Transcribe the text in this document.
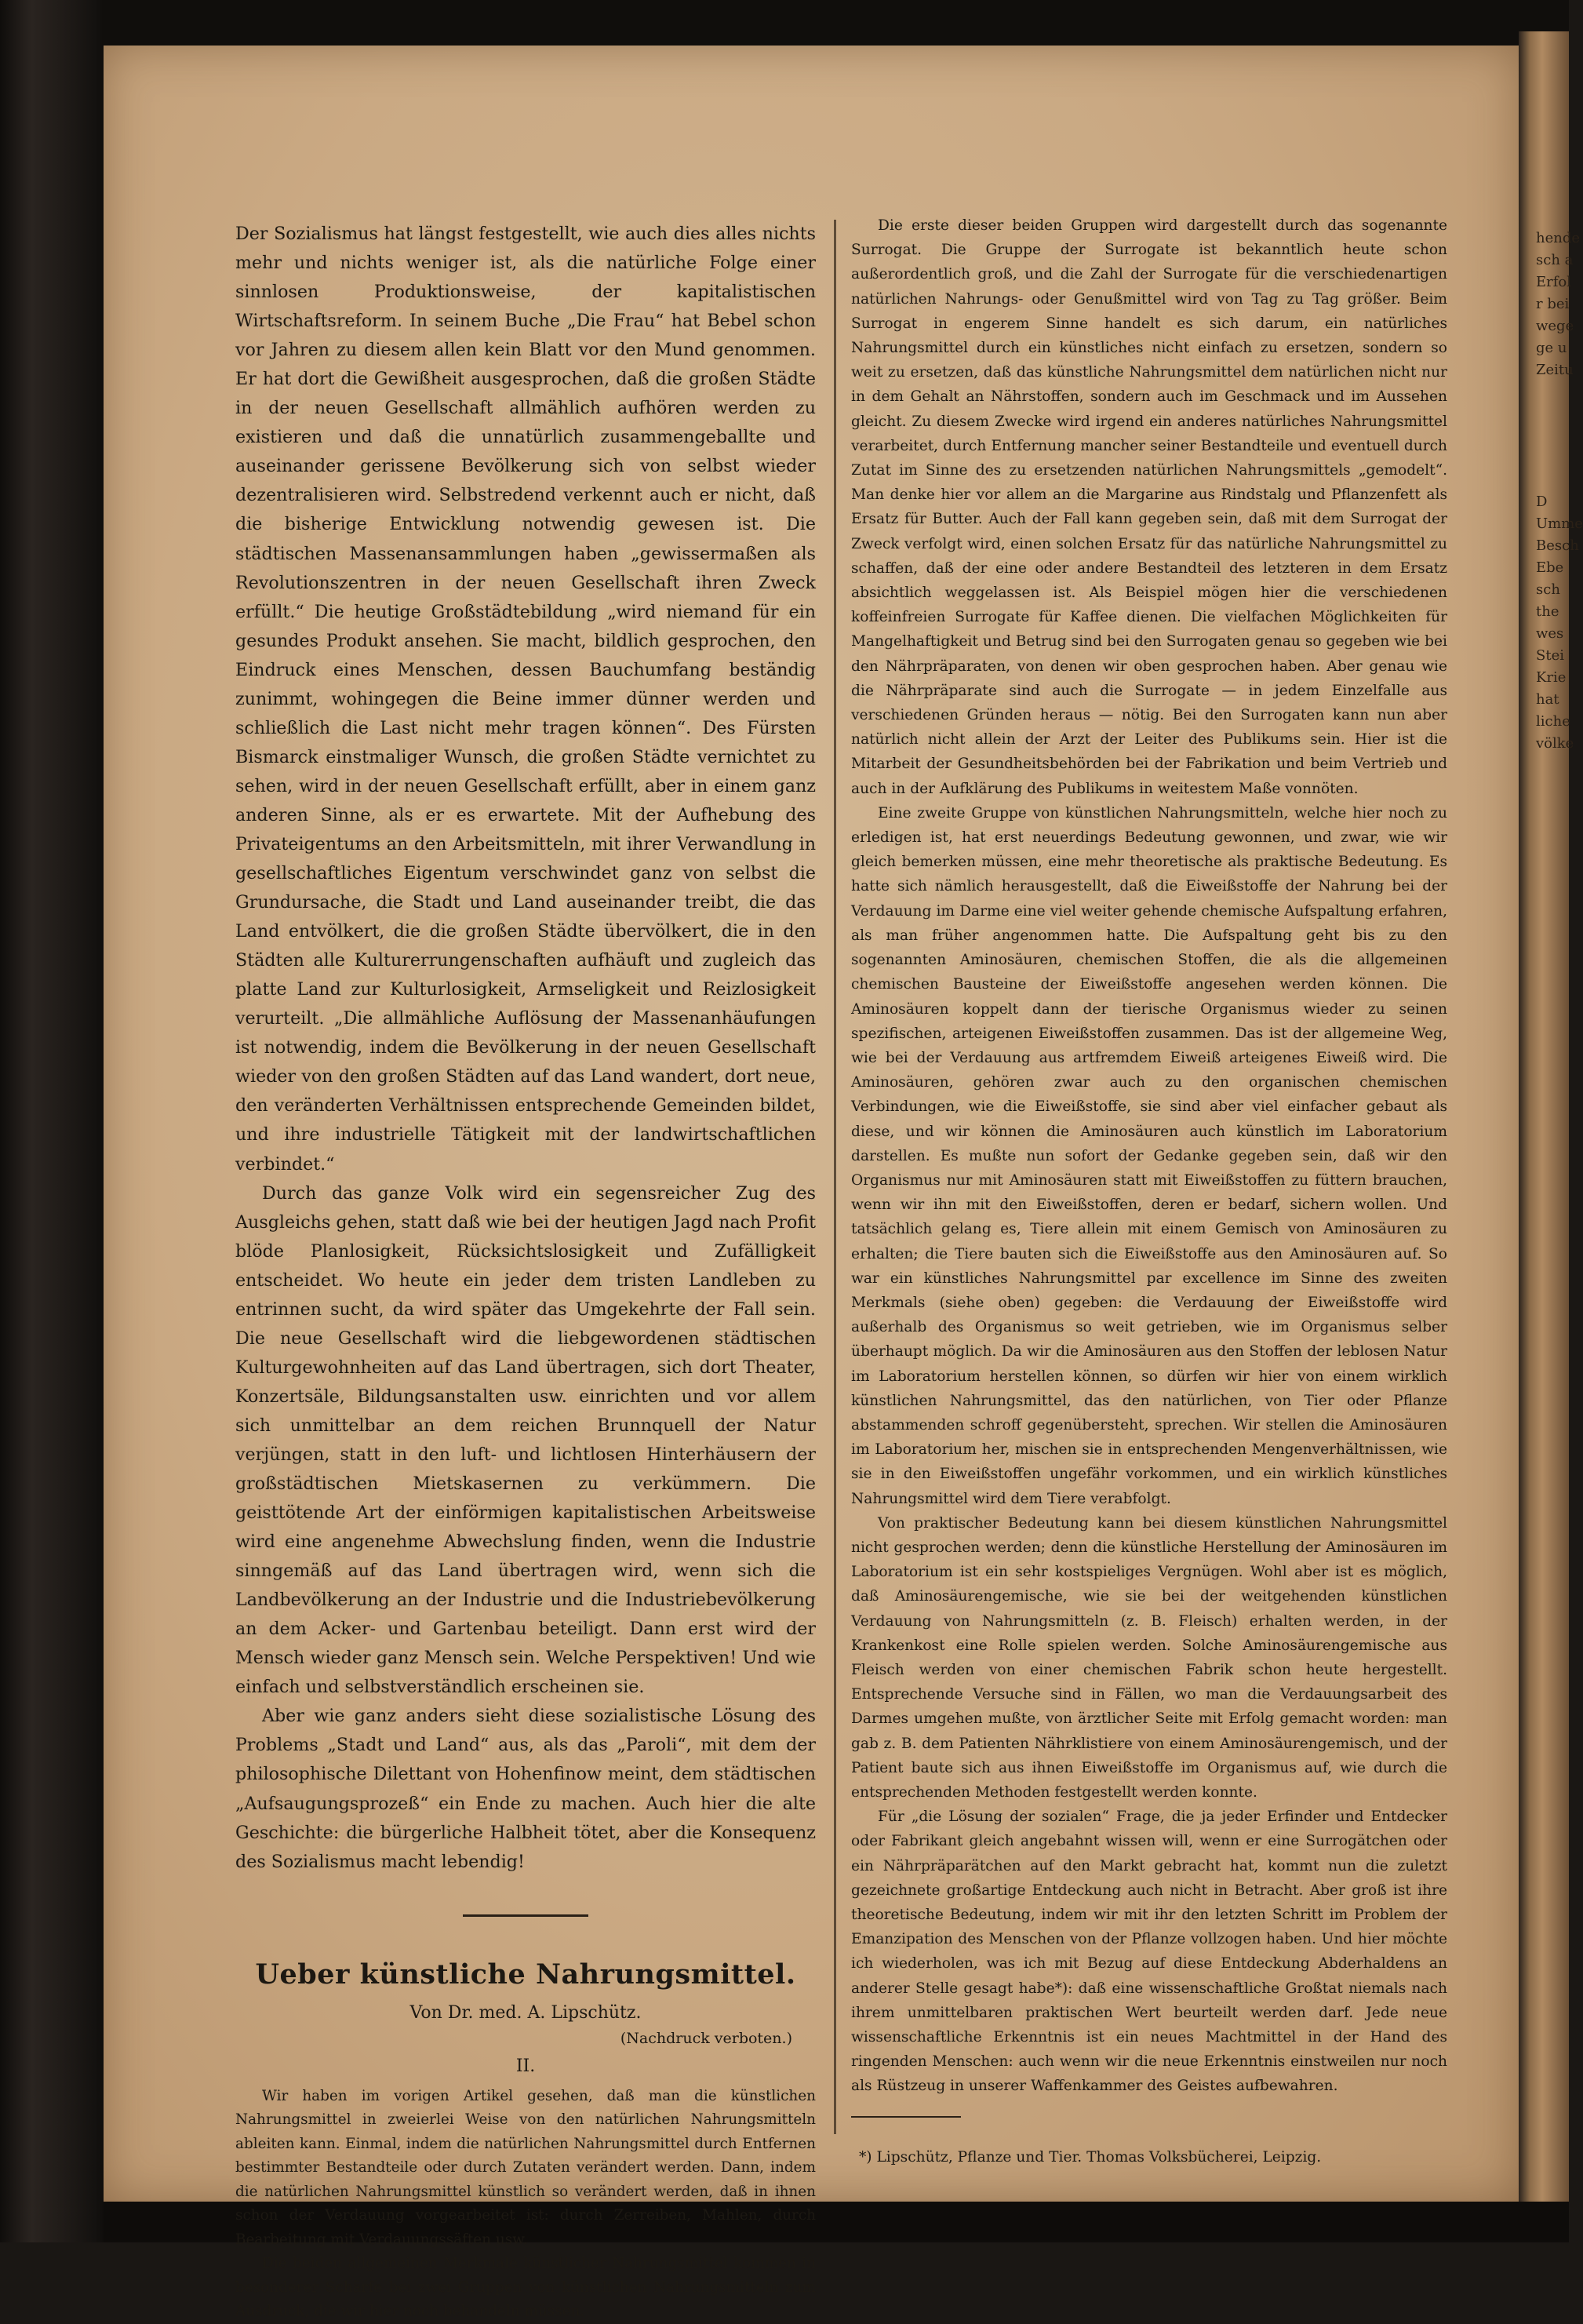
hende
sch a
Erfol
r bei
wege
ge u
Zeitu

D
Umme
Besch
Ebe
sch
the
wes
Stei
Krie
hat
liche
völke

Der Sozialismus hat längst festgestellt, wie auch dies alles nichts mehr und nichts weniger ist, als die natürliche Folge einer sinnlosen Produktionsweise, der kapitalistischen Wirtschaftsreform. In seinem Buche „Die Frau“ hat Bebel schon vor Jahren zu diesem allen kein Blatt vor den Mund genommen. Er hat dort die Gewißheit ausgesprochen, daß die großen Städte in der neuen Gesellschaft allmählich aufhören werden zu existieren und daß die unnatürlich zusammengeballte und auseinander gerissene Bevölkerung sich von selbst wieder dezentralisieren wird. Selbstredend verkennt auch er nicht, daß die bisherige Entwicklung notwendig gewesen ist. Die städtischen Massenansammlungen haben „gewissermaßen als Revolutionszentren in der neuen Gesellschaft ihren Zweck erfüllt.“ Die heutige Großstädtebildung „wird niemand für ein gesundes Produkt ansehen. Sie macht, bildlich gesprochen, den Eindruck eines Menschen, dessen Bauchumfang beständig zunimmt, wohingegen die Beine immer dünner werden und schließlich die Last nicht mehr tragen können“. Des Fürsten Bismarck einstmaliger Wunsch, die großen Städte vernichtet zu sehen, wird in der neuen Gesellschaft erfüllt, aber in einem ganz anderen Sinne, als er es erwartete. Mit der Aufhebung des Privateigentums an den Arbeitsmitteln, mit ihrer Verwandlung in gesellschaftliches Eigentum verschwindet ganz von selbst die Grundursache, die Stadt und Land auseinander treibt, die das Land entvölkert, die die großen Städte übervölkert, die in den Städten alle Kulturerrungenschaften aufhäuft und zugleich das platte Land zur Kulturlosigkeit, Armseligkeit und Reizlosigkeit verurteilt. „Die allmähliche Auflösung der Massenanhäufungen ist notwendig, indem die Bevölkerung in der neuen Gesellschaft wieder von den großen Städten auf das Land wandert, dort neue, den veränderten Verhältnissen entsprechende Gemeinden bildet, und ihre industrielle Tätigkeit mit der landwirtschaftlichen verbindet.“

Durch das ganze Volk wird ein segensreicher Zug des Ausgleichs gehen, statt daß wie bei der heutigen Jagd nach Profit blöde Planlosigkeit, Rücksichtslosigkeit und Zufälligkeit entscheidet. Wo heute ein jeder dem tristen Landleben zu entrinnen sucht, da wird später das Umgekehrte der Fall sein. Die neue Gesellschaft wird die liebgewordenen städtischen Kulturgewohnheiten auf das Land übertragen, sich dort Theater, Konzertsäle, Bildungsanstalten usw. einrichten und vor allem sich unmittelbar an dem reichen Brunnquell der Natur verjüngen, statt in den luft- und lichtlosen Hinterhäusern der großstädtischen Mietskasernen zu verkümmern. Die geisttötende Art der einförmigen kapitalistischen Arbeitsweise wird eine angenehme Abwechslung finden, wenn die Industrie sinngemäß auf das Land übertragen wird, wenn sich die Landbevölkerung an der Industrie und die Industriebevölkerung an dem Acker- und Gartenbau beteiligt. Dann erst wird der Mensch wieder ganz Mensch sein. Welche Perspektiven! Und wie einfach und selbstverständlich erscheinen sie.

Aber wie ganz anders sieht diese sozialistische Lösung des Problems „Stadt und Land“ aus, als das „Paroli“, mit dem der philosophische Dilettant von Hohenfinow meint, dem städtischen „Aufsaugungsprozeß“ ein Ende zu machen. Auch hier die alte Geschichte: die bürgerliche Halbheit tötet, aber die Konsequenz des Sozialismus macht lebendig!

Ueber künstliche Nahrungsmittel.
Von Dr. med. A. Lipschütz.
(Nachdruck verboten.)
II.

Wir haben im vorigen Artikel gesehen, daß man die künstlichen Nahrungsmittel in zweierlei Weise von den natürlichen Nahrungsmitteln ableiten kann. Einmal, indem die natürlichen Nahrungsmittel durch Entfernen bestimmter Bestandteile oder durch Zutaten verändert werden. Dann, indem die natürlichen Nahrungsmittel künstlich so verändert werden, daß in ihnen schon der Verdauung vorgearbeitet ist: durch Zerreiben, Mahlen, durch Bearbeitung mit Verdauungssäften usw.

Die beiden allgemeinen Merkmale künstlicher Nahrungsmittel kommen in besonderer Schärfe bei zwei Gruppen von künstlichen Nahrungsmitteln zum Ausdruck, die wir hier noch behandeln müssen.

Die erste dieser beiden Gruppen wird dargestellt durch das sogenannte Surrogat. Die Gruppe der Surrogate ist bekanntlich heute schon außerordentlich groß, und die Zahl der Surrogate für die verschiedenartigen natürlichen Nahrungs- oder Genußmittel wird von Tag zu Tag größer. Beim Surrogat in engerem Sinne handelt es sich darum, ein natürliches Nahrungsmittel durch ein künstliches nicht einfach zu ersetzen, sondern so weit zu ersetzen, daß das künstliche Nahrungsmittel dem natürlichen nicht nur in dem Gehalt an Nährstoffen, sondern auch im Geschmack und im Aussehen gleicht. Zu diesem Zwecke wird irgend ein anderes natürliches Nahrungsmittel verarbeitet, durch Entfernung mancher seiner Bestandteile und eventuell durch Zutat im Sinne des zu ersetzenden natürlichen Nahrungsmittels „gemodelt“. Man denke hier vor allem an die Margarine aus Rindstalg und Pflanzenfett als Ersatz für Butter. Auch der Fall kann gegeben sein, daß mit dem Surrogat der Zweck verfolgt wird, einen solchen Ersatz für das natürliche Nahrungsmittel zu schaffen, daß der eine oder andere Bestandteil des letzteren in dem Ersatz absichtlich weggelassen ist. Als Beispiel mögen hier die verschiedenen koffeinfreien Surrogate für Kaffee dienen. Die vielfachen Möglichkeiten für Mangelhaftigkeit und Betrug sind bei den Surrogaten genau so gegeben wie bei den Nährpräparaten, von denen wir oben gesprochen haben. Aber genau wie die Nährpräparate sind auch die Surrogate — in jedem Einzelfalle aus verschiedenen Gründen heraus — nötig. Bei den Surrogaten kann nun aber natürlich nicht allein der Arzt der Leiter des Publikums sein. Hier ist die Mitarbeit der Gesundheitsbehörden bei der Fabrikation und beim Vertrieb und auch in der Aufklärung des Publikums in weitestem Maße vonnöten.

Eine zweite Gruppe von künstlichen Nahrungsmitteln, welche hier noch zu erledigen ist, hat erst neuerdings Bedeutung gewonnen, und zwar, wie wir gleich bemerken müssen, eine mehr theoretische als praktische Bedeutung. Es hatte sich nämlich herausgestellt, daß die Eiweißstoffe der Nahrung bei der Verdauung im Darme eine viel weiter gehende chemische Aufspaltung erfahren, als man früher angenommen hatte. Die Aufspaltung geht bis zu den sogenannten Aminosäuren, chemischen Stoffen, die als die allgemeinen chemischen Bausteine der Eiweißstoffe angesehen werden können. Die Aminosäuren koppelt dann der tierische Organismus wieder zu seinen spezifischen, arteigenen Eiweißstoffen zusammen. Das ist der allgemeine Weg, wie bei der Verdauung aus artfremdem Eiweiß arteigenes Eiweiß wird. Die Aminosäuren, gehören zwar auch zu den organischen chemischen Verbindungen, wie die Eiweißstoffe, sie sind aber viel einfacher gebaut als diese, und wir können die Aminosäuren auch künstlich im Laboratorium darstellen. Es mußte nun sofort der Gedanke gegeben sein, daß wir den Organismus nur mit Aminosäuren statt mit Eiweißstoffen zu füttern brauchen, wenn wir ihn mit den Eiweißstoffen, deren er bedarf, sichern wollen. Und tatsächlich gelang es, Tiere allein mit einem Gemisch von Aminosäuren zu erhalten; die Tiere bauten sich die Eiweißstoffe aus den Aminosäuren auf. So war ein künstliches Nahrungsmittel par excellence im Sinne des zweiten Merkmals (siehe oben) gegeben: die Verdauung der Eiweißstoffe wird außerhalb des Organismus so weit getrieben, wie im Organismus selber überhaupt möglich. Da wir die Aminosäuren aus den Stoffen der leblosen Natur im Laboratorium herstellen können, so dürfen wir hier von einem wirklich künstlichen Nahrungsmittel, das den natürlichen, von Tier oder Pflanze abstammenden schroff gegenübersteht, sprechen. Wir stellen die Aminosäuren im Laboratorium her, mischen sie in entsprechenden Mengenverhältnissen, wie sie in den Eiweißstoffen ungefähr vorkommen, und ein wirklich künstliches Nahrungsmittel wird dem Tiere verabfolgt.

Von praktischer Bedeutung kann bei diesem künstlichen Nahrungsmittel nicht gesprochen werden; denn die künstliche Herstellung der Aminosäuren im Laboratorium ist ein sehr kostspieliges Vergnügen. Wohl aber ist es möglich, daß Aminosäurengemische, wie sie bei der weitgehenden künstlichen Verdauung von Nahrungsmitteln (z. B. Fleisch) erhalten werden, in der Krankenkost eine Rolle spielen werden. Solche Aminosäurengemische aus Fleisch werden von einer chemischen Fabrik schon heute hergestellt. Entsprechende Versuche sind in Fällen, wo man die Verdauungsarbeit des Darmes umgehen mußte, von ärztlicher Seite mit Erfolg gemacht worden: man gab z. B. dem Patienten Nährklistiere von einem Aminosäurengemisch, und der Patient baute sich aus ihnen Eiweißstoffe im Organismus auf, wie durch die entsprechenden Methoden festgestellt werden konnte.

Für „die Lösung der sozialen“ Frage, die ja jeder Erfinder und Entdecker oder Fabrikant gleich angebahnt wissen will, wenn er eine Surrogätchen oder ein Nährpräparätchen auf den Markt gebracht hat, kommt nun die zuletzt gezeichnete großartige Entdeckung auch nicht in Betracht. Aber groß ist ihre theoretische Bedeutung, indem wir mit ihr den letzten Schritt im Problem der Emanzipation des Menschen von der Pflanze vollzogen haben. Und hier möchte ich wiederholen, was ich mit Bezug auf diese Entdeckung Abderhaldens an anderer Stelle gesagt habe*): daß eine wissenschaftliche Großtat niemals nach ihrem unmittelbaren praktischen Wert beurteilt werden darf. Jede neue wissenschaftliche Erkenntnis ist ein neues Machtmittel in der Hand des ringenden Menschen: auch wenn wir die neue Erkenntnis einstweilen nur noch als Rüstzeug in unserer Waffenkammer des Geistes aufbewahren.

*) Lipschütz, Pflanze und Tier. Thomas Volksbücherei, Leipzig.
